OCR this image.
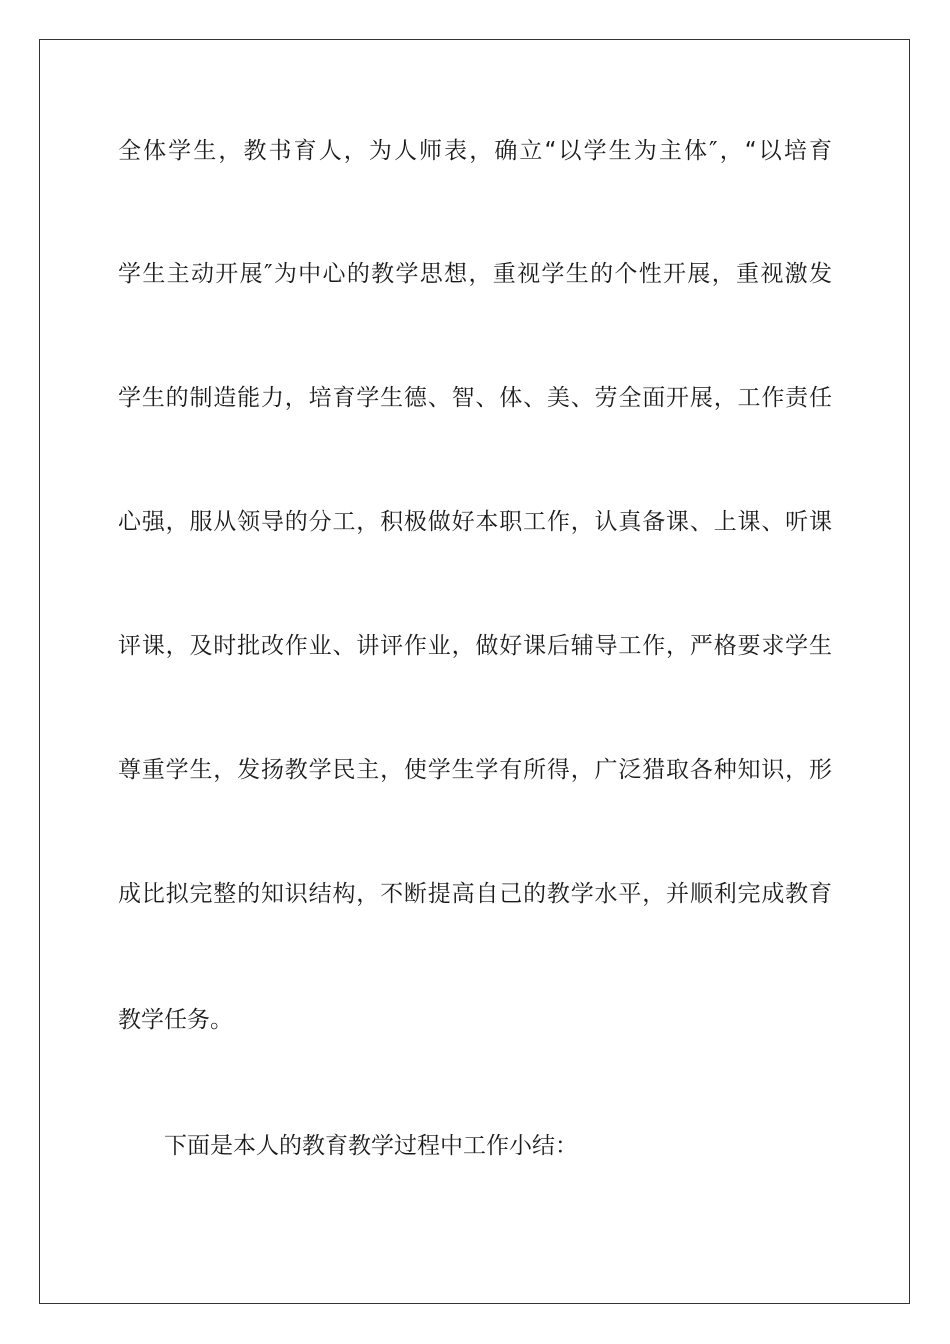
全体学生，教书育人，为人师表，确立“以学生为主体″，“以培育
学生主动开展″为中心的教学思想，重视学生的个性开展，重视激发
学生的制造能力，培育学生德、智、体、美、劳全面开展，工作责任
心强，服从领导的分工，积极做好本职工作，认真备课、上课、听课
评课，及时批改作业、讲评作业，做好课后辅导工作，严格要求学生
尊重学生，发扬教学民主，使学生学有所得，广泛猎取各种知识，形
成比拟完整的知识结构，不断提高自己的教学水平，并顺利完成教育
教学任务。
下面是本人的教育教学过程中工作小结：
